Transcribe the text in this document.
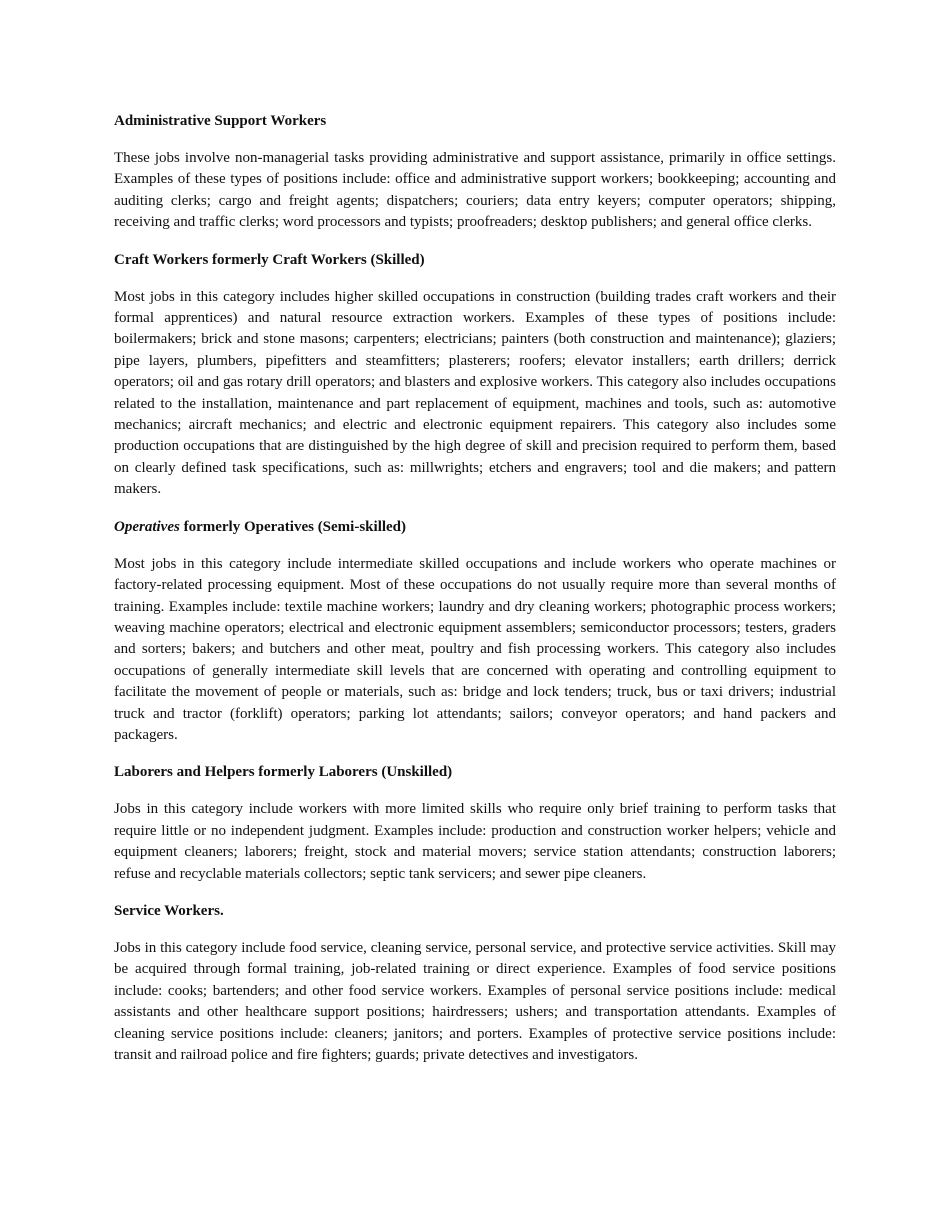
Administrative Support Workers

These jobs involve non-managerial tasks providing administrative and support assistance, primarily in office settings. Examples of these types of positions include: office and administrative support workers; bookkeeping; accounting and auditing clerks; cargo and freight agents; dispatchers; couriers; data entry keyers; computer operators; shipping, receiving and traffic clerks; word processors and typists; proofreaders; desktop publishers; and general office clerks.

Craft Workers formerly Craft Workers (Skilled)

Most jobs in this category includes higher skilled occupations in construction (building trades craft workers and their formal apprentices) and natural resource extraction workers. Examples of these types of positions include: boilermakers; brick and stone masons; carpenters; electricians; painters (both construction and maintenance); glaziers; pipe layers, plumbers, pipefitters and steamfitters; plasterers; roofers; elevator installers; earth drillers; derrick operators; oil and gas rotary drill operators; and blasters and explosive workers. This category also includes occupations related to the installation, maintenance and part replacement of equipment, machines and tools, such as: automotive mechanics; aircraft mechanics; and electric and electronic equipment repairers. This category also includes some production occupations that are distinguished by the high degree of skill and precision required to perform them, based on clearly defined task specifications, such as: millwrights; etchers and engravers; tool and die makers; and pattern makers.

Operatives formerly Operatives (Semi-skilled)

Most jobs in this category include intermediate skilled occupations and include workers who operate machines or factory-related processing equipment. Most of these occupations do not usually require more than several months of training. Examples include: textile machine workers; laundry and dry cleaning workers; photographic process workers; weaving machine operators; electrical and electronic equipment assemblers; semiconductor processors; testers, graders and sorters; bakers; and butchers and other meat, poultry and fish processing workers. This category also includes occupations of generally intermediate skill levels that are concerned with operating and controlling equipment to facilitate the movement of people or materials, such as: bridge and lock tenders; truck, bus or taxi drivers; industrial truck and tractor (forklift) operators; parking lot attendants; sailors; conveyor operators; and hand packers and packagers.

Laborers and Helpers formerly Laborers (Unskilled)

Jobs in this category include workers with more limited skills who require only brief training to perform tasks that require little or no independent judgment. Examples include: production and construction worker helpers; vehicle and equipment cleaners; laborers; freight, stock and material movers; service station attendants; construction laborers; refuse and recyclable materials collectors; septic tank servicers; and sewer pipe cleaners.

Service Workers.

Jobs in this category include food service, cleaning service, personal service, and protective service activities. Skill may be acquired through formal training, job-related training or direct experience. Examples of food service positions include: cooks; bartenders; and other food service workers. Examples of personal service positions include: medical assistants and other healthcare support positions; hairdressers; ushers; and transportation attendants. Examples of cleaning service positions include: cleaners; janitors; and porters. Examples of protective service positions include: transit and railroad police and fire fighters; guards; private detectives and investigators.
